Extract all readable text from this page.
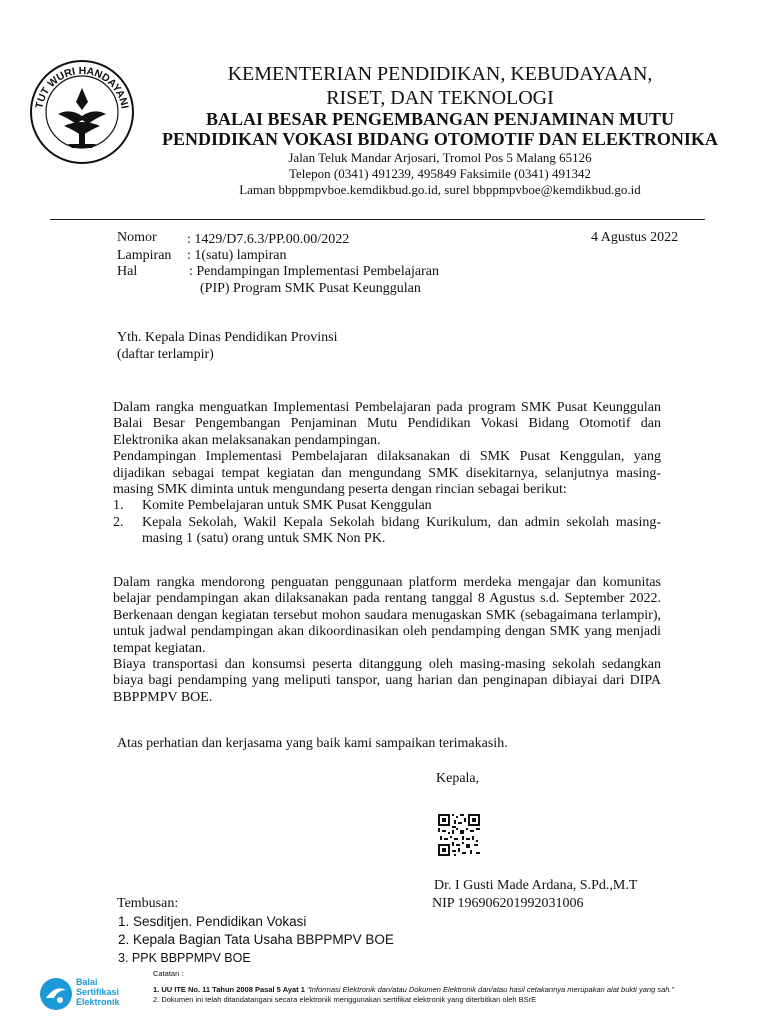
TUT WURI HANDAYANI
KEMENTERIAN PENDIDIKAN, KEBUDAYAAN,
RISET, DAN TEKNOLOGI
BALAI BESAR PENGEMBANGAN PENJAMINAN MUTU
PENDIDIKAN VOKASI BIDANG OTOMOTIF DAN ELEKTRONIKA
Jalan Teluk Mandar Arjosari, Tromol Pos 5 Malang 65126
Telepon (0341) 491239, 495849 Faksimile (0341) 491342
Laman bbppmpvboe.kemdikbud.go.id, surel bbppmpvboe@kemdikbud.go.id
Nomor : 1429/D7.6.3/PP.00.00/2022
Lampiran : 1(satu) lampiran
Hal	: Pendampingan Implementasi Pembelajaran
(PIP) Program SMK Pusat Keunggulan
4 Agustus 2022
Yth. Kepala Dinas Pendidikan Provinsi
(daftar terlampir)

Dalam rangka menguatkan Implementasi Pembelajaran pada program SMK Pusat Keunggulan Balai Besar Pengembangan Penjaminan Mutu Pendidikan Vokasi Bidang Otomotif dan Elektronika akan melaksanakan pendampingan.

Pendampingan Implementasi Pembelajaran dilaksanakan di SMK Pusat Kenggulan, yang dijadikan sebagai tempat kegiatan dan mengundang SMK disekitarnya, selanjutnya masing-masing SMK diminta untuk mengundang peserta dengan rincian sebagai berikut:

1. Komite Pembelajaran untuk SMK Pusat Kenggulan
2. Kepala Sekolah, Wakil Kepala Sekolah bidang Kurikulum, dan admin sekolah masing-masing 1 (satu) orang untuk SMK Non PK.

Dalam rangka mendorong penguatan penggunaan platform merdeka mengajar dan komunitas belajar pendampingan akan dilaksanakan pada rentang tanggal 8 Agustus s.d. September 2022. Berkenaan dengan kegiatan tersebut mohon saudara menugaskan SMK (sebagaimana terlampir), untuk jadwal pendampingan akan dikoordinasikan oleh pendamping dengan SMK yang menjadi tempat kegiatan.

Biaya transportasi dan konsumsi peserta ditanggung oleh masing-masing sekolah sedangkan biaya bagi pendamping yang meliputi tanspor, uang harian dan penginapan dibiayai dari DIPA BBPPMPV BOE.

Atas perhatian dan kerjasama yang baik kami sampaikan terimakasih.
Kepala,
Dr. I Gusti Made Ardana, S.Pd.,M.T
NIP 196906201992031006
Tembusan:
1. Sesditjen. Pendidikan Vokasi
2. Kepala Bagian Tata Usaha BBPPMPV BOE
3. PPK BBPPMPV BOE
Balai
Sertifikasi
Elektronik
Catatan :
1. UU ITE No. 11 Tahun 2008 Pasal 5 Ayat 1 "Informasi Elektronik dan/atau Dokumen Elektronik dan/atau hasil cetakannya merupakan alat bukti yang sah."
2. Dokumen ini telah ditandatangani secara elektronik menggunakan sertifikat elektronik yang diterbitkan oleh BSrE
